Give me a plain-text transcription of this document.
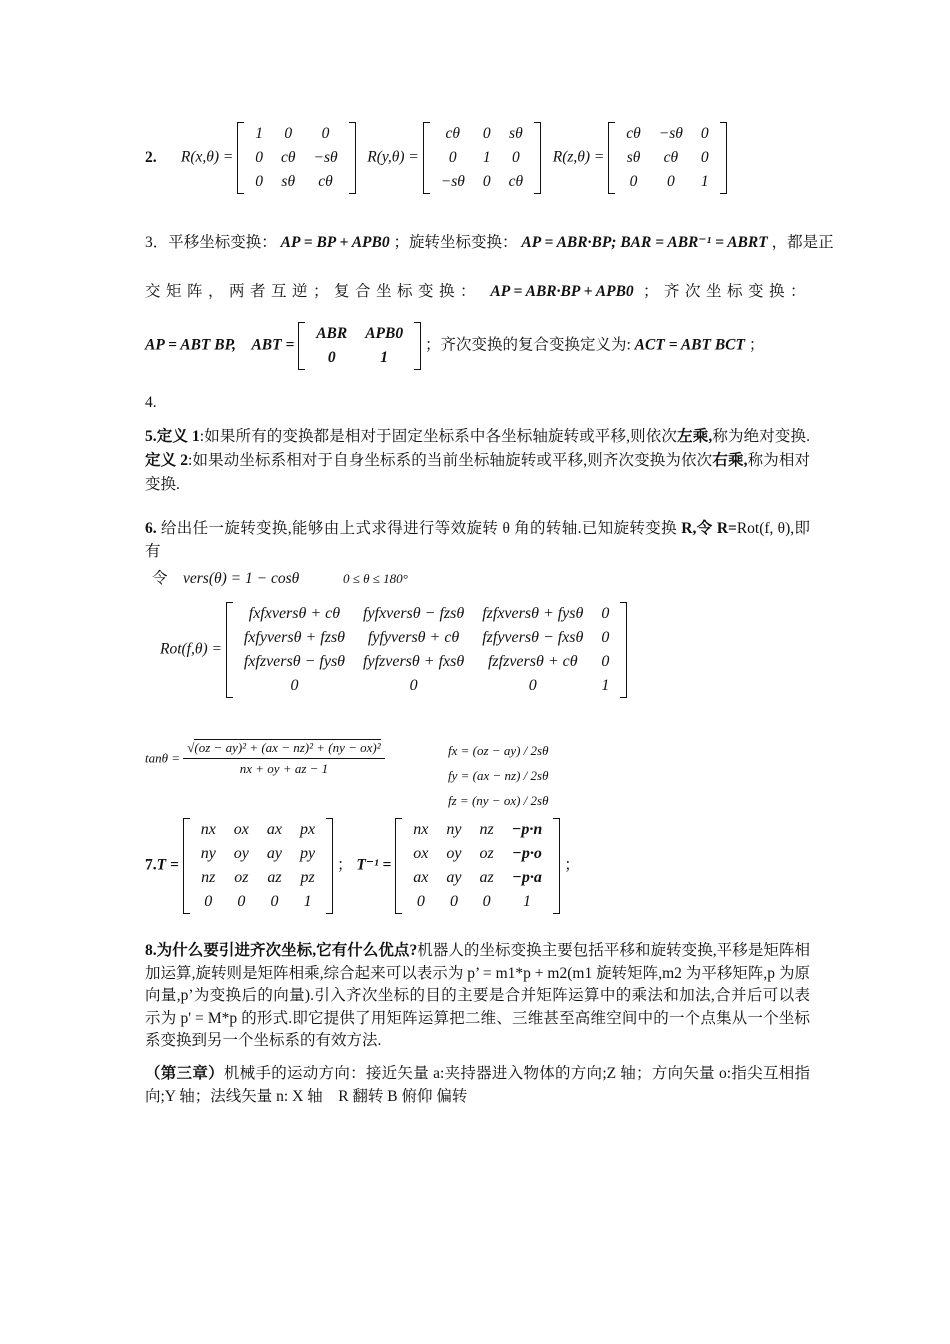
2. R(x,θ) =
1	0	0
0	cθ	−sθ
0	sθ	cθ
R(y,θ) =
cθ	0	sθ
0	1	0
−sθ	0	cθ
R(z,θ) =
cθ	−sθ	0
sθ	cθ	0
0	0	1
3．平移坐标变换： AP = BP + APB0 ；旋转坐标变换： AP = ABR·BP; BAR = ABR⁻¹ = ABRT ，都是正
交矩阵，两者互逆；复合坐标变换： AP = ABR·BP + APB0 ；齐次坐标变换：
AP = ABT BP, ABT =
ABR	APB0
0	1
；齐次变换的复合变换定义为: ACT = ABT BCT ；
4.
5.定义 1:如果所有的变换都是相对于固定坐标系中各坐标轴旋转或平移,则依次左乘,称为绝对变换.定义 2:如果动坐标系相对于自身坐标系的当前坐标轴旋转或平移,则齐次变换为依次右乘,称为相对变换.
6. 给出任一旋转变换,能够由上式求得进行等效旋转 θ 角的转轴.已知旋转变换 R,令 R=Rot(f, θ),即有
令 vers(θ) = 1 − cosθ	0 ≤ θ ≤ 180°
Rot(f,θ) =
fxfxversθ + cθ	fyfxversθ − fzsθ	fzfxversθ + fysθ	0
fxfyversθ + fzsθ	fyfyversθ + cθ	fzfyversθ − fxsθ	0
fxfzversθ − fysθ	fyfzversθ + fxsθ	fzfzversθ + cθ	0
0	0	0	1
$\tan\theta = \frac{\text{√(oz − ay)² + (ax − nz)² + (ny − ox)²}}{nx + oy + az - 1}$	fx = (oz − ay) / 2sθ
fy = (ax − nz) / 2sθ
fz = (ny − ox) / 2sθ
7.T =
nx	ox	ax	px
ny	oy	ay	py
nz	oz	az	pz
0	0	0	1
； T⁻¹ =
nx	ny	nz	−p·n
ox	oy	oz	−p·o
ax	ay	az	−p·a
0	0	0	1
；
8.为什么要引进齐次坐标,它有什么优点?机器人的坐标变换主要包括平移和旋转变换,平移是矩阵相加运算,旋转则是矩阵相乘,综合起来可以表示为 p’ = m1*p + m2(m1 旋转矩阵,m2 为平移矩阵,p 为原向量,p’为变换后的向量).引入齐次坐标的目的主要是合并矩阵运算中的乘法和加法,合并后可以表示为 p' = M*p 的形式.即它提供了用矩阵运算把二维、三维甚至高维空间中的一个点集从一个坐标系变换到另一个坐标系的有效方法.
（第三章）机械手的运动方向：接近矢量 a:夹持器进入物体的方向;Z 轴；方向矢量 o:指尖互相指向;Y 轴；法线矢量 n: X 轴 R 翻转 B 俯仰 偏转
